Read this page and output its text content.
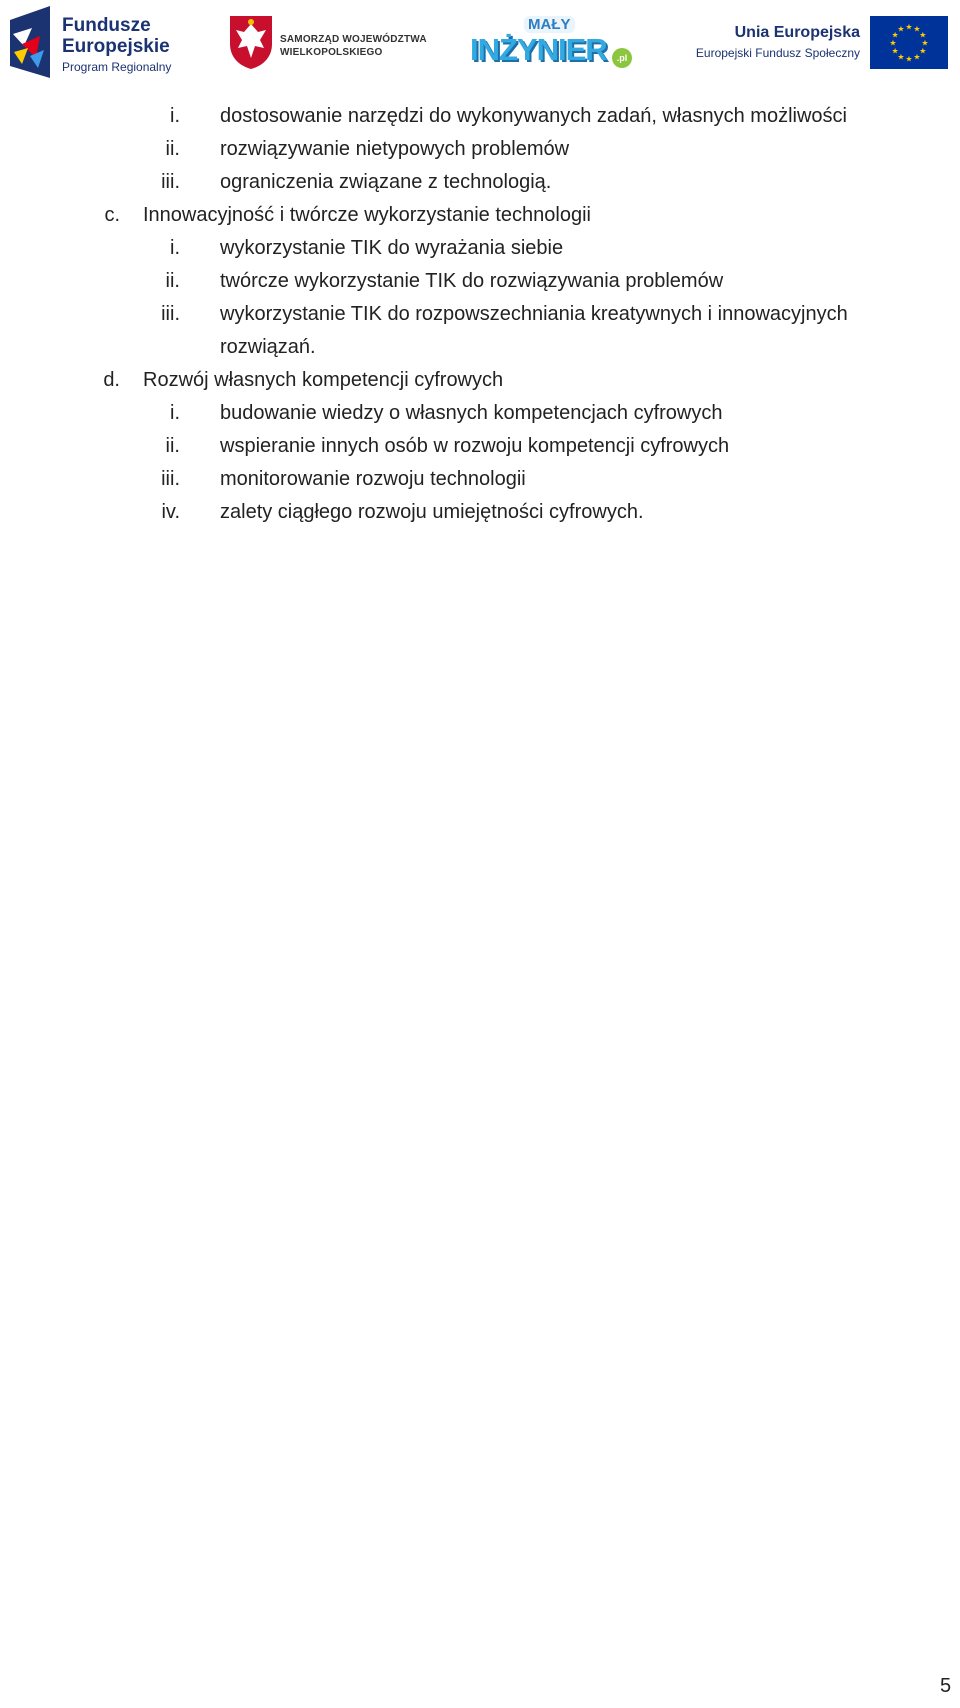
Fundusze
Europejskie
Program Regionalny
SAMORZĄD WOJEWÓDZTWA
WIELKOPOLSKIEGO
MAŁY
INŻYNIER	.pl
Unia Europejska
Europejski Fundusz Społeczny
★ ★
★
★
★
★
★
★
★
★
★
★
i. dostosowanie narzędzi do wykonywanych zadań, własnych możliwości
ii. rozwiązywanie nietypowych problemów
iii. ograniczenia związane z technologią.
c. Innowacyjność i twórcze wykorzystanie technologii
i. wykorzystanie TIK do wyrażania siebie
ii. twórcze wykorzystanie TIK do rozwiązywania problemów
iii. wykorzystanie TIK do rozpowszechniania kreatywnych i innowacyjnych
rozwiązań.
d. Rozwój własnych kompetencji cyfrowych
i. budowanie wiedzy o własnych kompetencjach cyfrowych
ii. wspieranie innych osób w rozwoju kompetencji cyfrowych
iii. monitorowanie rozwoju technologii
iv. zalety ciągłego rozwoju umiejętności cyfrowych.
5
